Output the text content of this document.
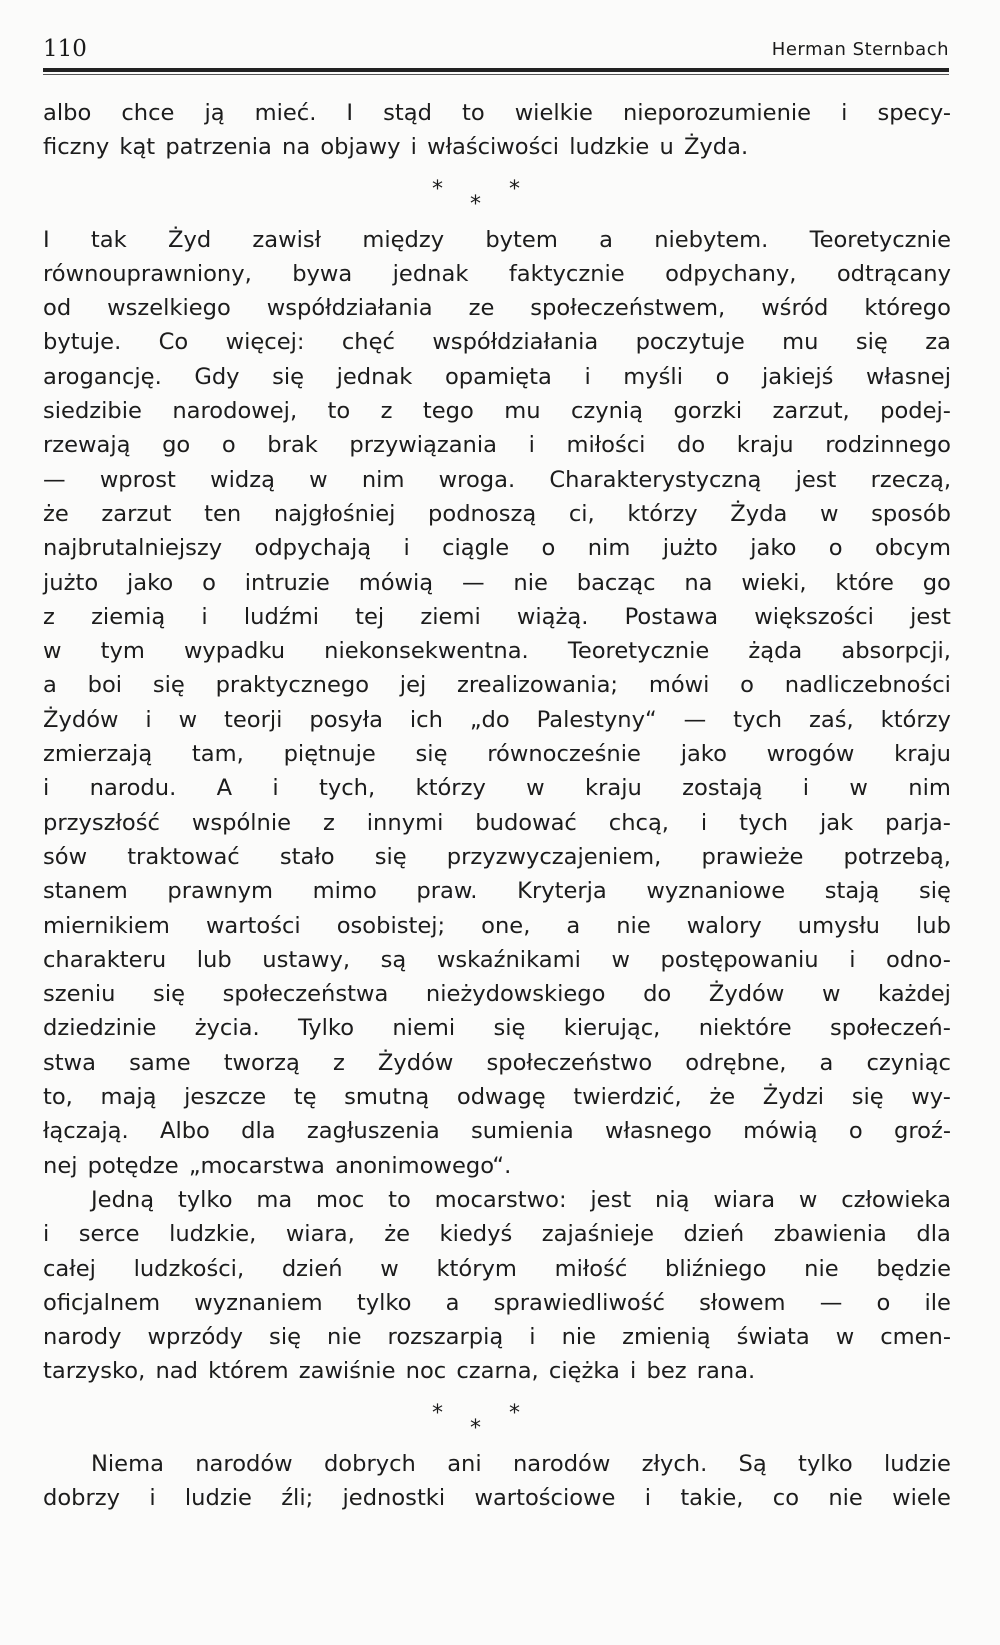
110	Herman Sternbach
albo chce ją mieć. I stąd to wielkie nieporozumienie i specy-
ficzny kąt patrzenia na objawy i właściwości ludzkie u Żyda.
*	*
*
I tak Żyd zawisł między bytem a niebytem. Teoretycznie
równouprawniony, bywa jednak faktycznie odpychany, odtrącany
od wszelkiego współdziałania ze społeczeństwem, wśród którego
bytuje. Co więcej: chęć współdziałania poczytuje mu się za
arogancję. Gdy się jednak opamięta i myśli o jakiejś własnej
siedzibie narodowej, to z tego mu czynią gorzki zarzut, podej-
rzewają go o brak przywiązania i miłości do kraju rodzinnego
— wprost widzą w nim wroga. Charakterystyczną jest rzeczą,
że zarzut ten najgłośniej podnoszą ci, którzy Żyda w sposób
najbrutalniejszy odpychają i ciągle o nim jużto jako o obcym
jużto jako o intruzie mówią — nie bacząc na wieki, które go
z ziemią i ludźmi tej ziemi wiążą. Postawa większości jest
w tym wypadku niekonsekwentna. Teoretycznie żąda absorpcji,
a boi się praktycznego jej zrealizowania; mówi o nadliczebności
Żydów i w teorji posyła ich „do Palestyny“ — tych zaś, którzy
zmierzają tam, piętnuje się równocześnie jako wrogów kraju
i narodu. A i tych, którzy w kraju zostają i w nim
przyszłość wspólnie z innymi budować chcą, i tych jak parja-
sów traktować stało się przyzwyczajeniem, prawieże potrzebą,
stanem prawnym mimo praw. Kryterja wyznaniowe stają się
miernikiem wartości osobistej; one, a nie walory umysłu lub
charakteru lub ustawy, są wskaźnikami w postępowaniu i odno-
szeniu się społeczeństwa nieżydowskiego do Żydów w każdej
dziedzinie życia. Tylko niemi się kierując, niektóre społeczeń-
stwa same tworzą z Żydów społeczeństwo odrębne, a czyniąc
to, mają jeszcze tę smutną odwagę twierdzić, że Żydzi się wy-
łączają. Albo dla zagłuszenia sumienia własnego mówią o groź-
nej potędze „mocarstwa anonimowego“.
Jedną tylko ma moc to mocarstwo: jest nią wiara w człowieka
i serce ludzkie, wiara, że kiedyś zajaśnieje dzień zbawienia dla
całej ludzkości, dzień w którym miłość bliźniego nie będzie
oficjalnem wyznaniem tylko a sprawiedliwość słowem — o ile
narody wprzódy się nie rozszarpią i nie zmienią świata w cmen-
tarzysko, nad którem zawiśnie noc czarna, ciężka i bez rana.
*	*
*
Niema narodów dobrych ani narodów złych. Są tylko ludzie
dobrzy i ludzie źli; jednostki wartościowe i takie, co nie wiele
